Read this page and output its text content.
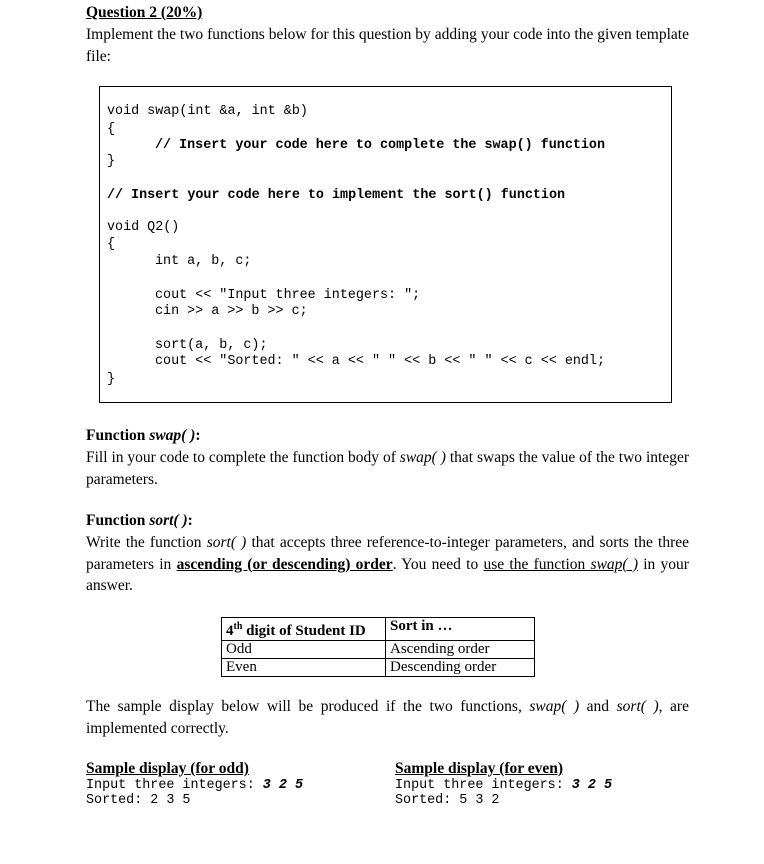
Question 2 (20%)
Implement the two functions below for this question by adding your code into the given template file:
void swap(int &a, int &b)
{
// Insert your code here to complete the swap() function
}
// Insert your code here to implement the sort() function
void Q2()
{
int a, b, c;
cout << "Input three integers: ";
cin >> a >> b >> c;
sort(a, b, c);
cout << "Sorted: " << a << " " << b << " " << c << endl;
}
Function swap( ):
Fill in your code to complete the function body of swap( ) that swaps the value of the two integer parameters.
Function sort( ):
Write the function sort( ) that accepts three reference-to-integer parameters, and sorts the three parameters in ascending (or descending) order. You need to use the function swap( ) in your answer.
4th digit of Student ID	Sort in …
Odd	Ascending order
Even	Descending order
The sample display below will be produced if the two functions, swap( ) and sort( ), are implemented correctly.
Sample display (for odd)
Input three integers: 3 2 5
Sorted: 2 3 5
Sample display (for even)
Input three integers: 3 2 5
Sorted: 5 3 2
